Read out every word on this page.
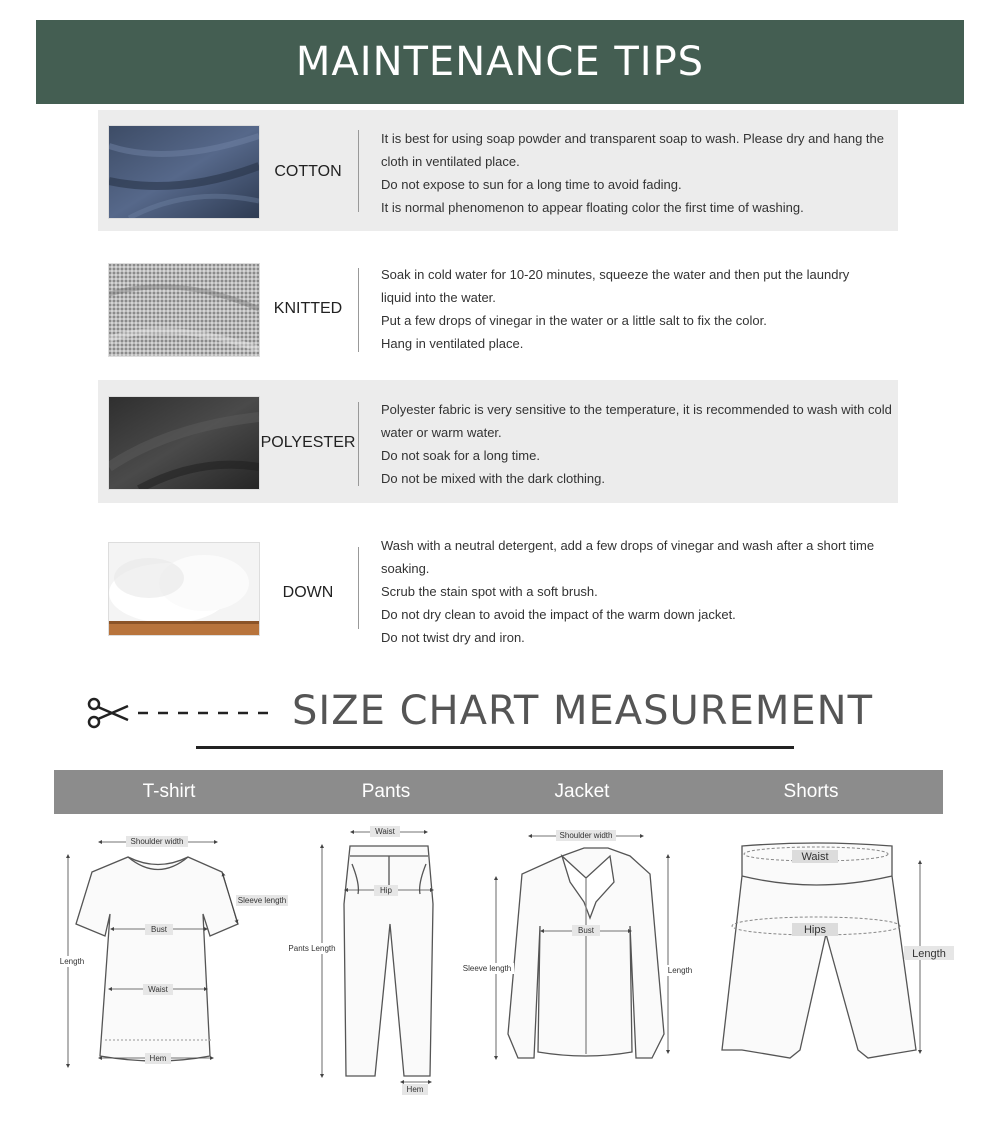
MAINTENANCE TIPS
COTTON
It is best for using soap powder and transparent soap to wash. Please dry and hang the
cloth in ventilated place.
Do not expose to sun for a long time to avoid fading.
It is normal phenomenon to appear floating color the first time of washing.
KNITTED
Soak in cold water for 10-20 minutes, squeeze the water and then put the laundry
liquid into the water.
Put a few drops of vinegar in the water or a little salt to fix the color.
Hang in ventilated place.
POLYESTER
Polyester fabric is very sensitive to the temperature, it is recommended to wash with cold
water or warm water.
Do not soak for a long time.
Do not be mixed with the dark clothing.
DOWN
Wash with a neutral detergent, add a few drops of vinegar and wash after a short time
soaking.
Scrub the stain spot with a soft brush.
Do not dry clean to avoid the impact of the warm down jacket.
Do not twist dry and iron.
SIZE CHART MEASUREMENT
T-shirt	Pants	Jacket	Shorts
Shoulder width
Sleeve length
Bust
Length
Waist
Hem
Waist
Hip
Pants Length
Hem
Shoulder width
Bust
Sleeve length	Length
Waist
Hips
Length
